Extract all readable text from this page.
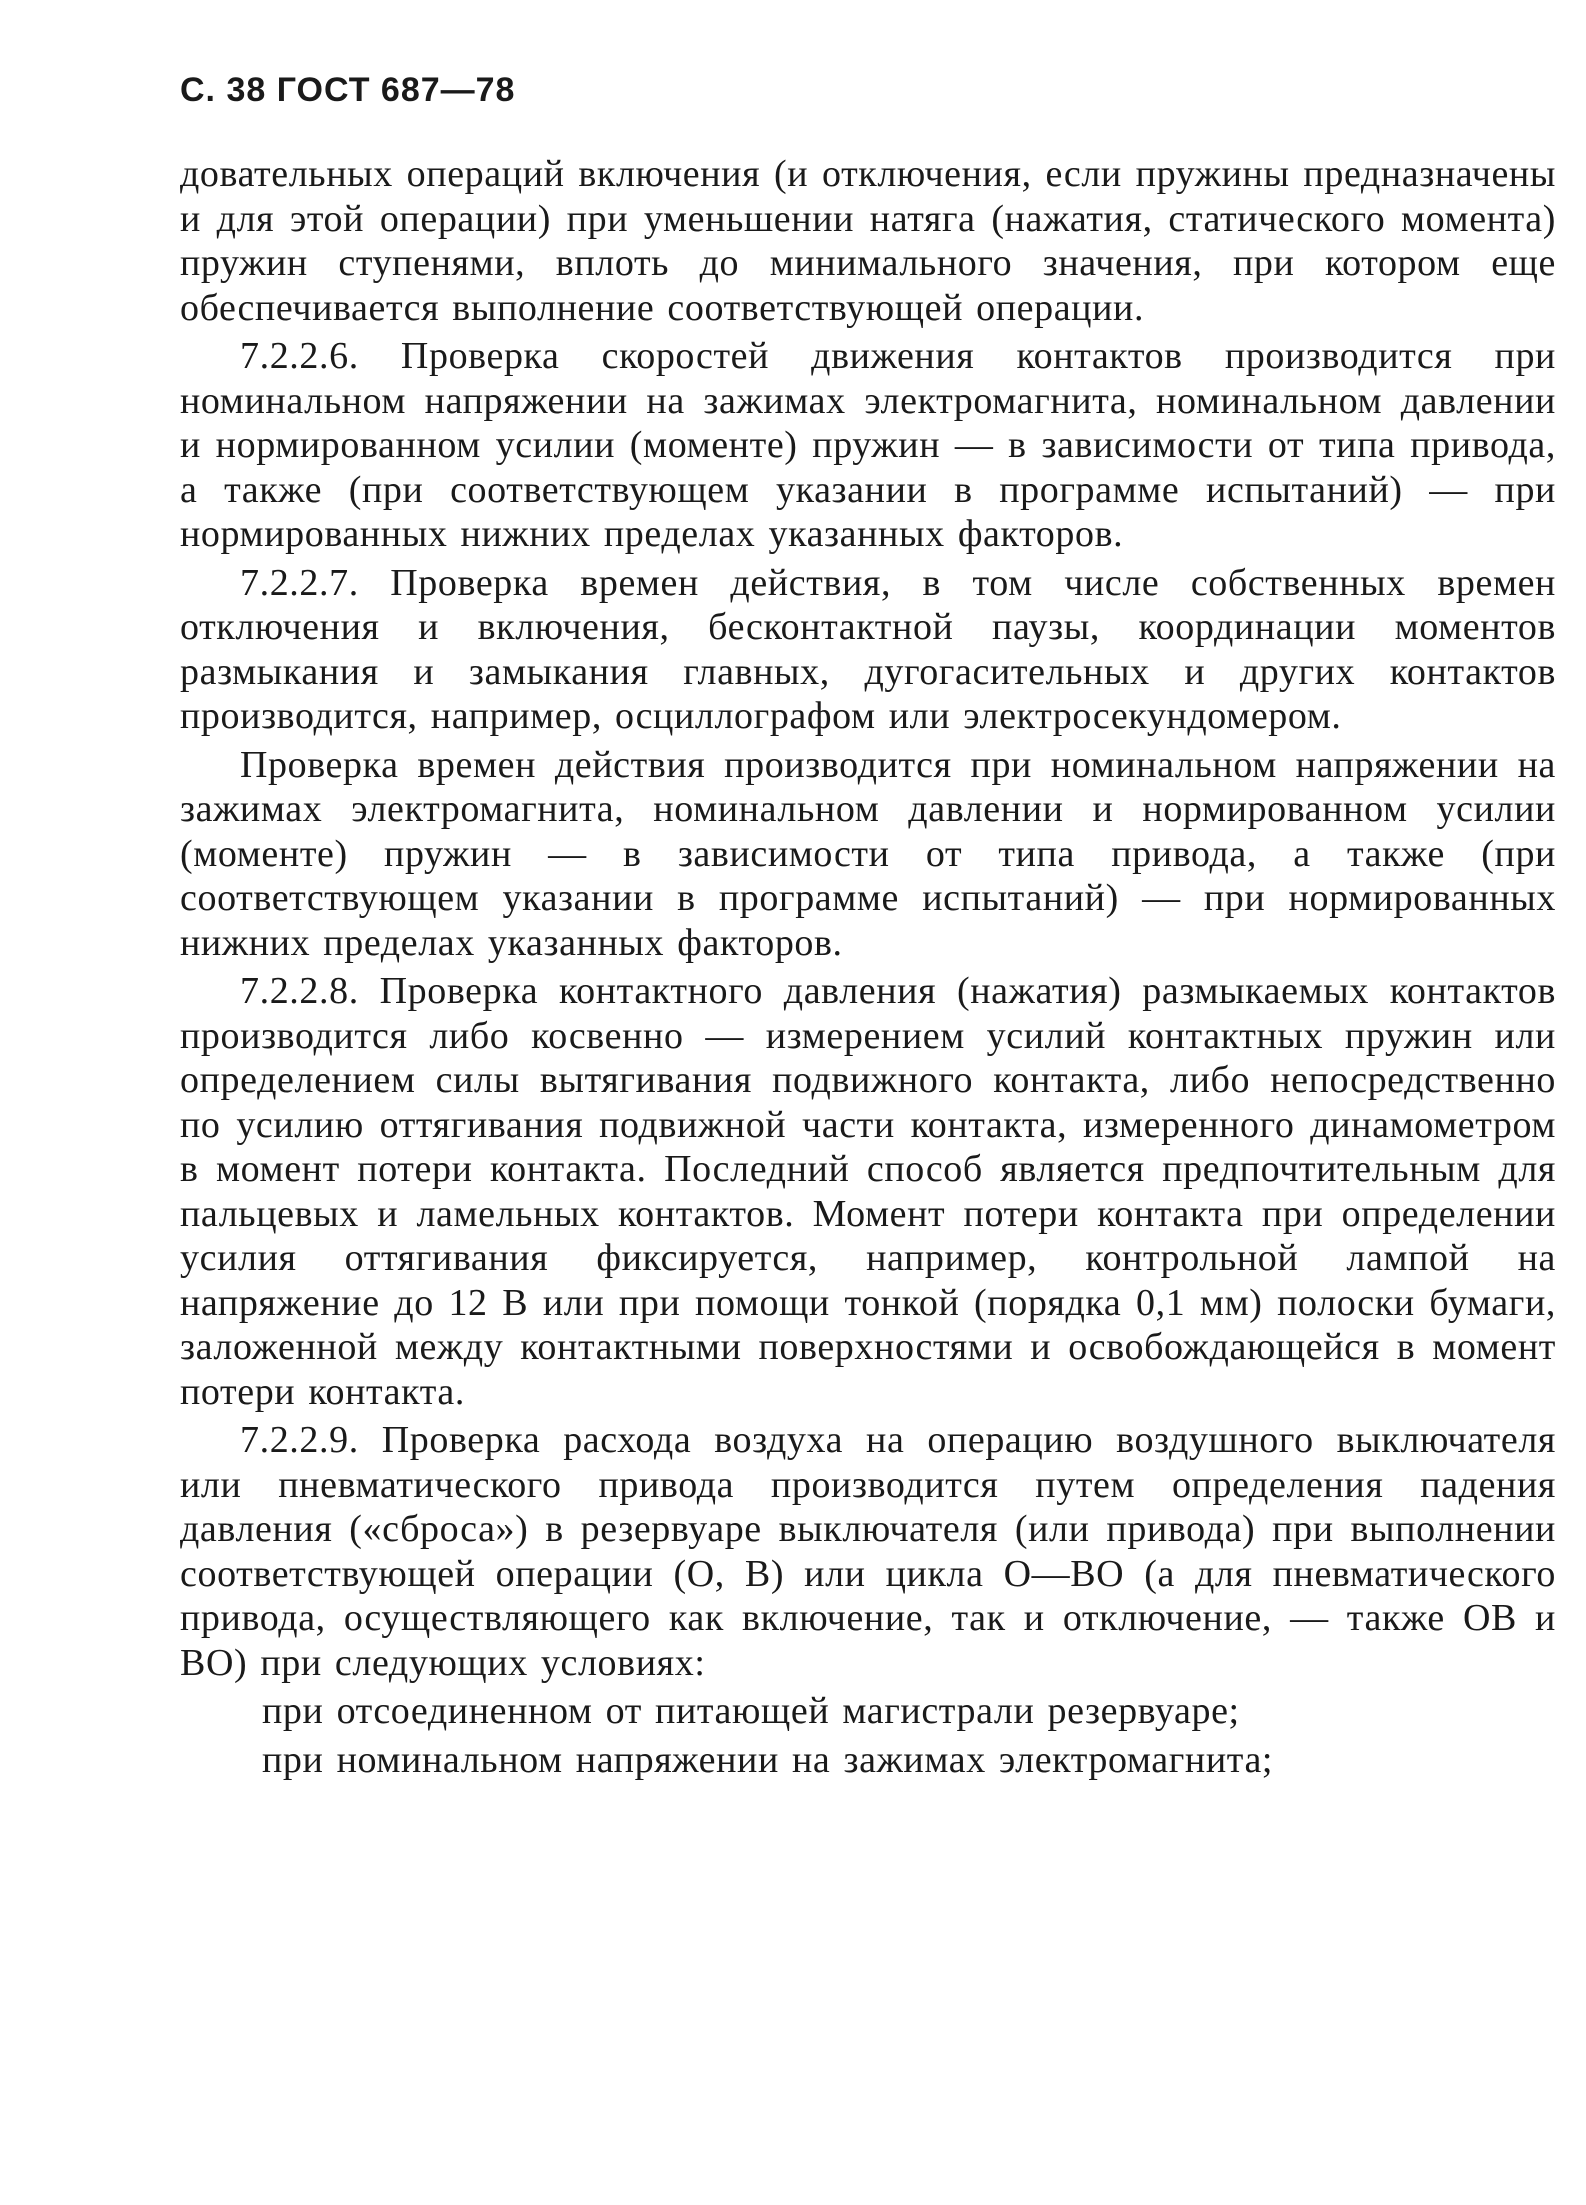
С. 38 ГОСТ 687—78

довательных операций включения (и отключения, если пружины предназначены и для этой операции) при уменьшении натяга (нажатия, статического момента) пружин ступенями, вплоть до минимального значения, при котором еще обеспечивается выполнение соответствующей операции.

7.2.2.6. Проверка скоростей движения контактов производится при номинальном напряжении на зажимах электромагнита, номинальном давлении и нормированном усилии (моменте) пружин — в зависимости от типа привода, а также (при соответствующем указании в программе испытаний) — при нормированных нижних пределах указанных факторов.

7.2.2.7. Проверка времен действия, в том числе собственных времен отключения и включения, бесконтактной паузы, координации моментов размыкания и замыкания главных, дугогасительных и других контактов производится, например, осциллографом или электросекундомером.

Проверка времен действия производится при номинальном напряжении на зажимах электромагнита, номинальном давлении и нормированном усилии (моменте) пружин — в зависимости от типа привода, а также (при соответствующем указании в программе испытаний) — при нормированных нижних пределах указанных факторов.

7.2.2.8. Проверка контактного давления (нажатия) размыкаемых контактов производится либо косвенно — измерением усилий контактных пружин или определением силы вытягивания подвижного контакта, либо непосредственно по усилию оттягивания подвижной части контакта, измеренного динамометром в момент потери контакта. Последний способ является предпочтительным для пальцевых и ламельных контактов. Момент потери контакта при определении усилия оттягивания фиксируется, например, контрольной лампой на напряжение до 12 В или при помощи тонкой (порядка 0,1 мм) полоски бумаги, заложенной между контактными поверхностями и освобождающейся в момент потери контакта.

7.2.2.9. Проверка расхода воздуха на операцию воздушного выключателя или пневматического привода производится путем определения падения давления («сброса») в резервуаре выключателя (или привода) при выполнении соответствующей операции (О, В) или цикла О—ВО (а для пневматического привода, осуществляющего как включение, так и отключение, — также ОВ и ВО) при следующих условиях:

при отсоединенном от питающей магистрали резервуаре;

при номинальном напряжении на зажимах электромагнита;
